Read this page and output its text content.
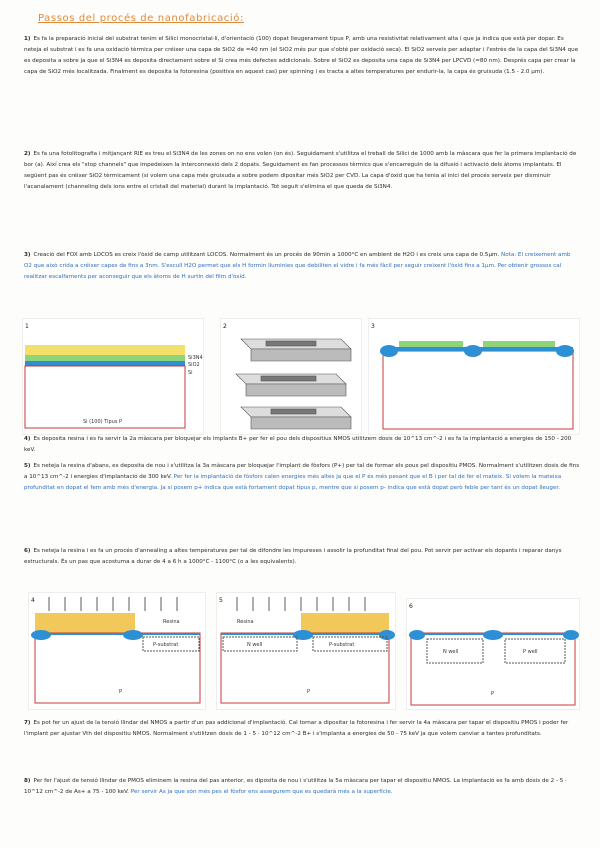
Passos del procés de nanofabricació:
1) Es fa la preparació inicial del substrat tenim el Silici monocristal·lí, d'orientació (100) dopat lleugerament tipus P, amb una resistivitat relativament alta i que ja indica que està per dopar. Es neteja el substrat i es fa una oxidació tèrmica per créixer una capa de SiO2 de ≈40 nm (el SiO2 més pur que s'obté per oxidació seca). El SiO2 serveix per adaptar i l'estrès de la capa del Si3N4 que es deposita a sobre ja que el Si3N4 es deposita directament sobre el Si crea més defectes addicionals. Sobre el SiO2 es deposita una capa de Si3N4 per LPCVD (≈80 nm). Després capa per crear la capa de SiO2 més localitzada. Finalment es deposita la fotoresina (positiva en aquest cas) per spinning i es tracta a altes temperatures per endurir-la, la capa és gruixuda (1.5 - 2.0 µm).
2) Es fa una fotolitografia i mitjançant RIE es treu el Si3N4 de les zones on no ens volen (on és). Seguidament s'utilitza el treball de Silici de 1000 amb la màscara que fer la primera implantació de bor (a). Així crea els "stop channels" que impedeixen la interconnexió dels 2 dopats. Seguidament es fan processos tèrmics que s'encarreguin de la difusió i activació dels àtoms implantats. El següent pas és créixer SiO2 tèrmicament (si volem una capa més gruixuda a sobre podem dipositar més SiO2 per CVD. La capa d'òxid que ha tenia al inici del procés serveix per disminuir l'acanalament (channeling dels ions entre el cristall del material) durant la implantació. Tot seguit s'elimina el que queda de Si3N4.
3) Creació del FOX amb LOCOS es creix l'òxid de camp utilitzant LOCOS. Normalment és un procés de 90min a 1000°C en ambient de H2O i es creix una capa de 0.5µm. Nota: El creixement amb O2 que això crida a créixer capes de fins a 3nm. S'escull H2O permet que els H formin lluminies que debiliten el vidre i fa més fàcil per seguir creixent l'òxid fins a 1µm. Per obtenir grossos cal realitzar escalfaments per aconseguir que els àtoms de H surtin del film d'òxid.
1
Si3N4
SiO2
Si
Si (100) Tipus P
2	3
4) Es deposita resina i es fa servir la 2a màscara per bloquejar els implants B+ per fer el pou dels dispositius NMOS utilitzem dosis de 10^13 cm^-2 i es fa la implantació a energies de 150 - 200 keV.
5) Es neteja la resina d'abans, es deposita de nou i s'utilitza la 3a màscara per bloquejar l'implant de fòsfors (P+) per tal de formar els pous pel dispositiu PMOS. Normalment s'utilitzen dosis de fins a 10^13 cm^-2 i energies d'implantació de 300 keV. Per fer la implantació de fòsfors calen energies més altes ja que el P és més pesant que el B i per tal de fer el mateix. Si volem la mateixa profunditat en dopat el fem amb més d'energia. Ja si posem p+ indica que està fortament dopat tipus p, mentre que si posem p- indica que està dopat però feble per tant és un dopat lleuger.
6) Es neteja la resina i es fa un procés d'annealing a altes temperatures per tal de difondre les impureses i assolir la profunditat final del pou. Pot servir per activar els dopants i reparar danys estructurals. És un pas que acostuma a durar de 4 a 6 h a 1000°C - 1100°C (o a les equivalents).
4
Resina
P-substrat
P
5
Resina
N well	P-substrat
P
6
N well	P well
P
7) Es pot fer un ajust de la tensió llindar del NMOS a partir d'un pas addicional d'implantació. Cal tornar a dipositar la fotoresina i fer servir la 4a màscara per tapar el dispositiu PMOS i poder fer l'implant per ajustar Vth del dispositiu NMOS. Normalment s'utilitzen dosis de 1 - 5 · 10^12 cm^-2 B+ i s'implanta a energies de 50 - 75 keV ja que volem canviar a tantes profunditats.
8) Per fer l'ajust de tensió llindar de PMOS eliminem la resina del pas anterior, es diposita de nou i s'utilitza la 5a màscara per tapar el dispositiu NMOS. La implantació es fa amb dosis de 2 - 5 · 10^12 cm^-2 de As+ a 75 - 100 keV. Per servir As ja que són més pes el fòsfor ens assegurem que es quedarà més a la superfície.
